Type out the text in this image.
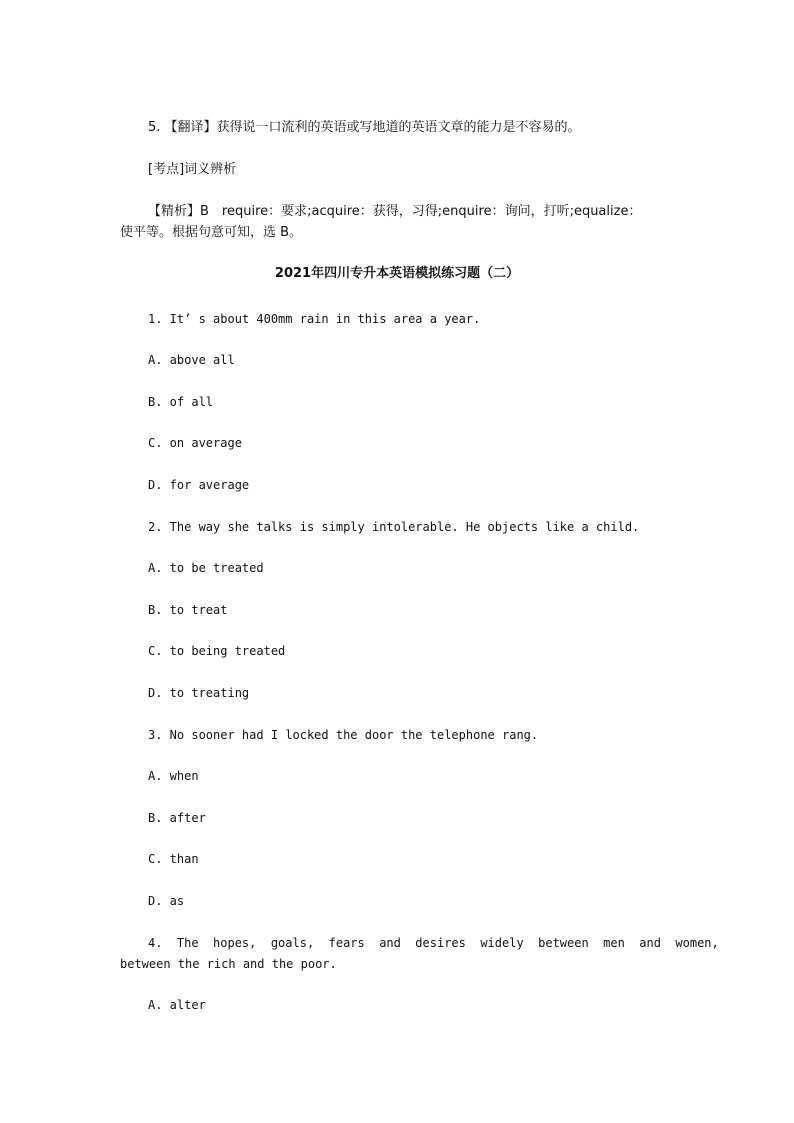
5. 【翻译】获得说一口流利的英语或写地道的英语文章的能力是不容易的。
[考点]词义辨析
【精析】B　require：要求;acquire：获得，习得;enquire：询问，打听;equalize：
使平等。根据句意可知，选 B。
2021年四川专升本英语模拟练习题（二）
1. It’ s about 400mm rain in this area a year.
A. above all
B. of all
C. on average
D. for average
2. The way she talks is simply intolerable. He objects like a child.
A. to be treated
B. to treat
C. to being treated
D. to treating
3. No sooner had I locked the door the telephone rang.
A. when
B. after
C. than
D. as
4.  The  hopes,  goals,  fears  and  desires  widely  between  men  and  women,
between the rich and the poor.
A. alter
